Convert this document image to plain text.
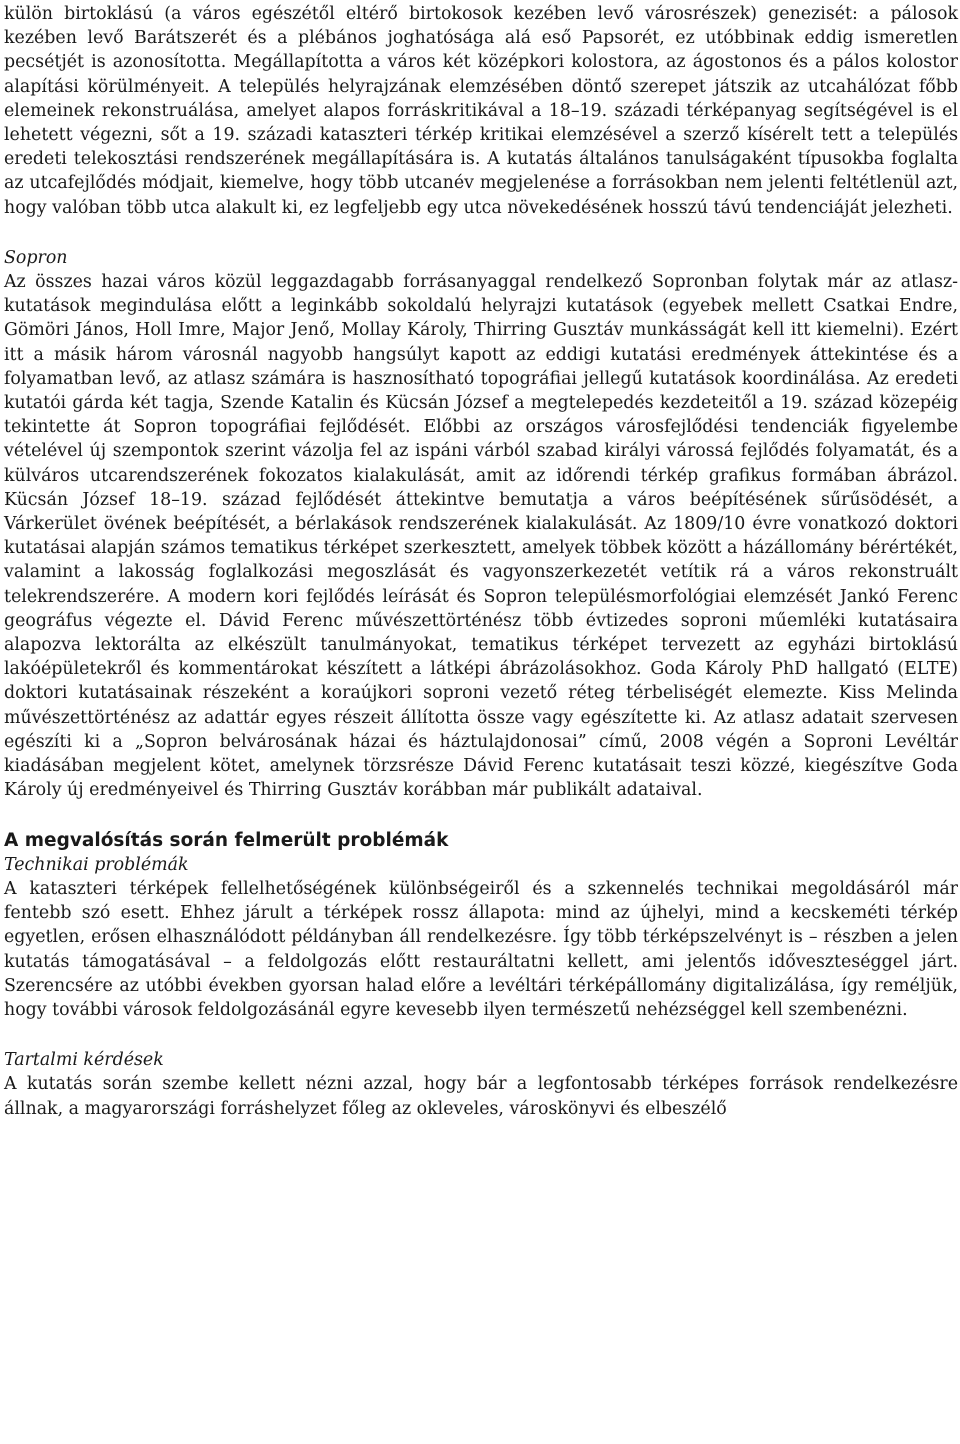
külön birtoklású (a város egészétől eltérő birtokosok kezében levő városrészek) genezisét: a pálosok kezében levő Barátszerét és a plébános joghatósága alá eső Papsorét, ez utóbbinak eddig ismeretlen pecsétjét is azonosította. Megállapította a város két középkori kolostora, az ágostonos és a pálos kolostor alapítási körülményeit. A település helyrajzának elemzésében döntő szerepet játszik az utcahálózat főbb elemeinek rekonstruálása, amelyet alapos forráskritikával a 18–19. századi térképanyag segítségével is el lehetett végezni, sőt a 19. századi kataszteri térkép kritikai elemzésével a szerző kísérelt tett a település eredeti telekosztási rendszerének megállapítására is. A kutatás általános tanulságaként típusokba foglalta az utcafejlődés módjait, kiemelve, hogy több utcanév megjelenése a forrásokban nem jelenti feltétlenül azt, hogy valóban több utca alakult ki, ez legfeljebb egy utca növekedésének hosszú távú tendenciáját jelezheti.

Sopron

Az összes hazai város közül leggazdagabb forrásanyaggal rendelkező Sopronban folytak már az atlasz-kutatások megindulása előtt a leginkább sokoldalú helyrajzi kutatások (egyebek mellett Csatkai Endre, Gömöri János, Holl Imre, Major Jenő, Mollay Károly, Thirring Gusztáv munkásságát kell itt kiemelni). Ezért itt a másik három városnál nagyobb hangsúlyt kapott az eddigi kutatási eredmények áttekintése és a folyamatban levő, az atlasz számára is hasznosítható topográfiai jellegű kutatások koordinálása. Az eredeti kutatói gárda két tagja, Szende Katalin és Kücsán József a megtelepedés kezdeteitől a 19. század közepéig tekintette át Sopron topográfiai fejlődését. Előbbi az országos városfejlődési tendenciák figyelembe vételével új szempontok szerint vázolja fel az ispáni várból szabad királyi várossá fejlődés folyamatát, és a külváros utcarendszerének fokozatos kialakulását, amit az időrendi térkép grafikus formában ábrázol. Kücsán József 18–19. század fejlődését áttekintve bemutatja a város beépítésének sűrűsödését, a Várkerület övének beépítését, a bérlakások rendszerének kialakulását. Az 1809/10 évre vonatkozó doktori kutatásai alapján számos tematikus térképet szerkesztett, amelyek többek között a házállomány bérértékét, valamint a lakosság foglalkozási megoszlását és vagyonszerkezetét vetítik rá a város rekonstruált telekrendszerére. A modern kori fejlődés leírását és Sopron településmorfológiai elemzését Jankó Ferenc geográfus végezte el. Dávid Ferenc művészettörténész több évtizedes soproni műemléki kutatásaira alapozva lektorálta az elkészült tanulmányokat, tematikus térképet tervezett az egyházi birtoklású lakóépületekről és kommentárokat készített a látképi ábrázolásokhoz. Goda Károly PhD hallgató (ELTE) doktori kutatásainak részeként a koraújkori soproni vezető réteg térbeliségét elemezte. Kiss Melinda művészettörténész az adattár egyes részeit állította össze vagy egészítette ki. Az atlasz adatait szervesen egészíti ki a „Sopron belvárosának házai és háztulajdonosai” című, 2008 végén a Soproni Levéltár kiadásában megjelent kötet, amelynek törzsrésze Dávid Ferenc kutatásait teszi közzé, kiegészítve Goda Károly új eredményeivel és Thirring Gusztáv korábban már publikált adataival.

A megvalósítás során felmerült problémák

Technikai problémák

A kataszteri térképek fellelhetőségének különbségeiről és a szkennelés technikai megoldásáról már fentebb szó esett. Ehhez járult a térképek rossz állapota: mind az újhelyi, mind a kecskeméti térkép egyetlen, erősen elhasználódott példányban áll rendelkezésre. Így több térképszelvényt is – részben a jelen kutatás támogatásával – a feldolgozás előtt restauráltatni kellett, ami jelentős időveszteséggel járt. Szerencsére az utóbbi években gyorsan halad előre a levéltári térképállomány digitalizálása, így reméljük, hogy további városok feldolgozásánál egyre kevesebb ilyen természetű nehézséggel kell szembenézni.

Tartalmi kérdések

A kutatás során szembe kellett nézni azzal, hogy bár a legfontosabb térképes források rendelkezésre állnak, a magyarországi forráshelyzet főleg az okleveles, városkönyvi és elbeszélő
